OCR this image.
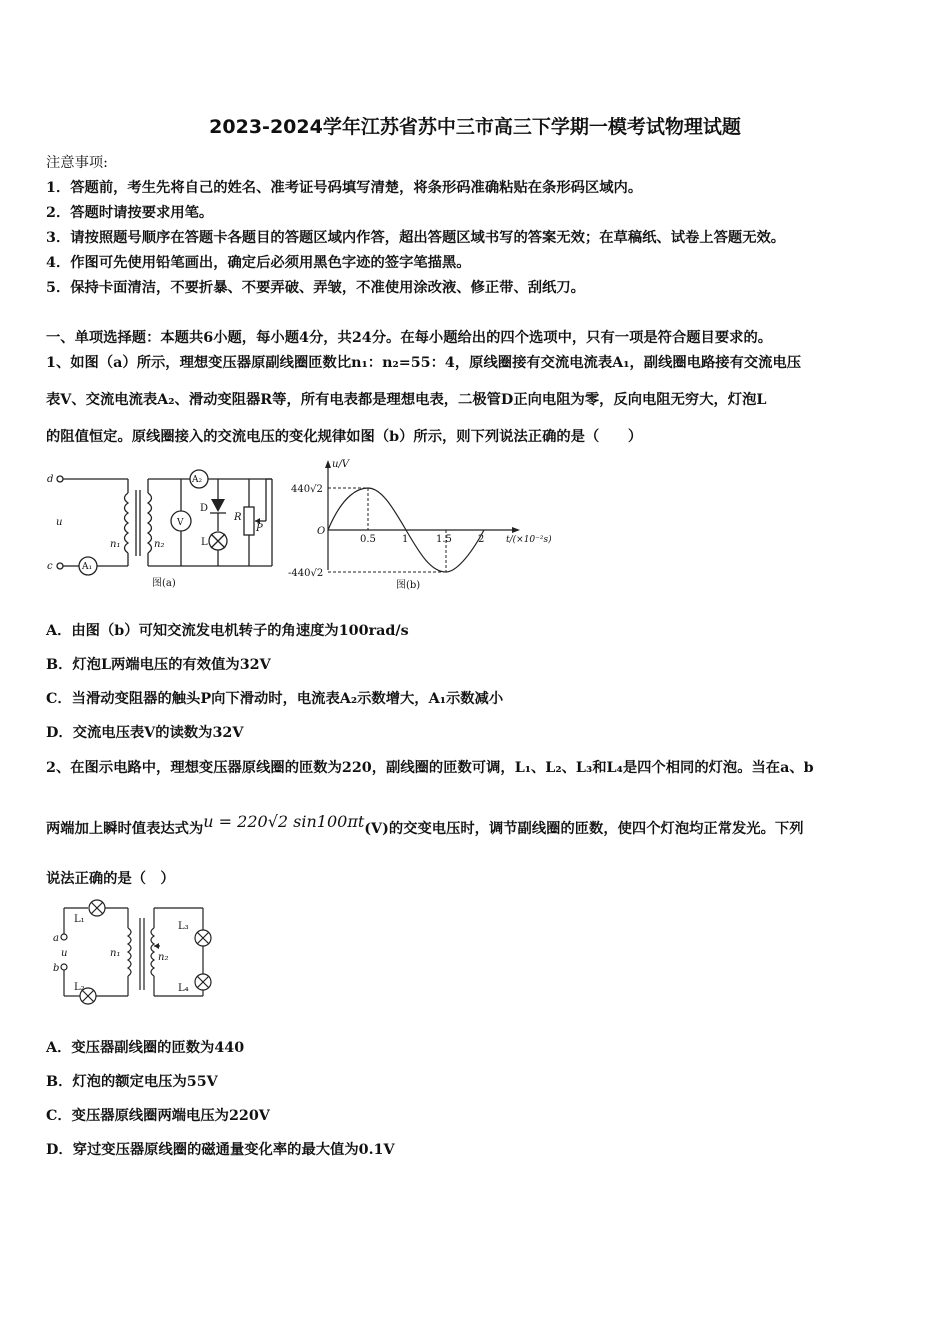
2023-2024学年江苏省苏中三市高三下学期一模考试物理试题
注意事项:
1．答题前，考生先将自己的姓名、准考证号码填写清楚，将条形码准确粘贴在条形码区域内。
2．答题时请按要求用笔。
3．请按照题号顺序在答题卡各题目的答题区域内作答，超出答题区域书写的答案无效；在草稿纸、试卷上答题无效。
4．作图可先使用铅笔画出，确定后必须用黑色字迹的签字笔描黑。
5．保持卡面清洁，不要折暴、不要弄破、弄皱，不准使用涂改液、修正带、刮纸刀。
一、单项选择题：本题共6小题，每小题4分，共24分。在每小题给出的四个选项中，只有一项是符合题目要求的。
1、如图（a）所示，理想变压器原副线圈匝数比n₁：n₂=55：4，原线圈接有交流电流表A₁，副线圈电路接有交流电压
表V、交流电流表A₂、滑动变阻器R等，所有电表都是理想电表，二极管D正向电阻为零，反向电阻无穷大，灯泡L
的阻值恒定。原线圈接入的交流电压的变化规律如图（b）所示，则下列说法正确的是（　　）
d
c
u
n₁	n₂
R
P
A₂
A₁
V
D
L
图(a)
u/V
440√2
-440√2
O
0.5	1	1.5	2 t/(×10⁻²s)
图(b)
A．由图（b）可知交流发电机转子的角速度为100rad/s
B．灯泡L两端电压的有效值为32V
C．当滑动变阻器的触头P向下滑动时，电流表A₂示数增大，A₁示数减小
D．交流电压表V的读数为32V
2、在图示电路中，理想变压器原线圈的匝数为220，副线圈的匝数可调，L₁、L₂、L₃和L₄是四个相同的灯泡。当在a、b
两端加上瞬时值表达式为u = 220√2 sin100πt(V)的交变电压时，调节副线圈的匝数，使四个灯泡均正常发光。下列
说法正确的是（　）
L₁
L₂
L₃
L₄
a
b
u	n₁	n₂
A．变压器副线圈的匝数为440
B．灯泡的额定电压为55V
C．变压器原线圈两端电压为220V
D．穿过变压器原线圈的磁通量变化率的最大值为0.1V
